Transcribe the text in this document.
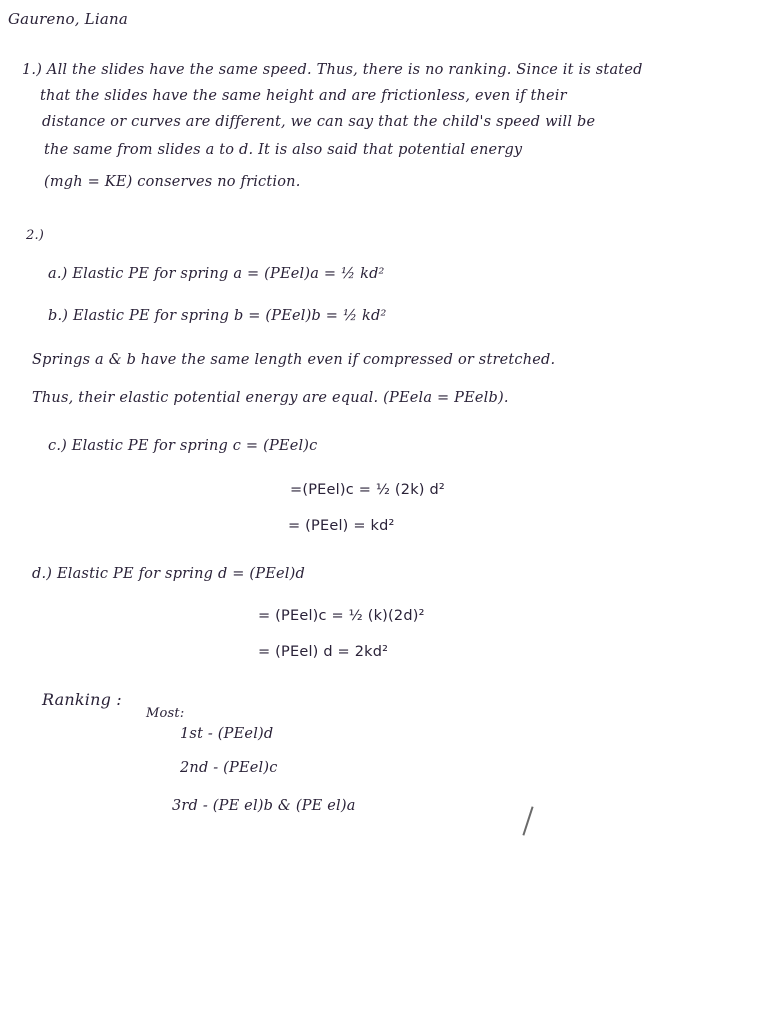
Gaureno, Liana
1.) All the slides have the same speed. Thus, there is no ranking. Since it is stated
that the slides have the same height and are frictionless, even if their
distance or curves are different, we can say that the child's speed will be
the same from slides a to d. It is also said that potential energy
(mgh = KE) conserves no friction.
2.)
a.) Elastic PE for spring a = (PEel)a = ½ kd²
b.) Elastic PE for spring b = (PEel)b = ½ kd²
Springs a & b have the same length even if compressed or stretched.
Thus, their elastic potential energy are equal. (PEela = PEelb).
c.) Elastic PE for spring c = (PEel)c
=(PEel)c = ½ (2k) d²
= (PEel) = kd²
d.) Elastic PE for spring d = (PEel)d
= (PEel)c = ½ (k)(2d)²
= (PEel) d = 2kd²
Ranking :
Most:
1st - (PEel)d
2nd - (PEel)c
3rd - (PE el)b & (PE el)a
